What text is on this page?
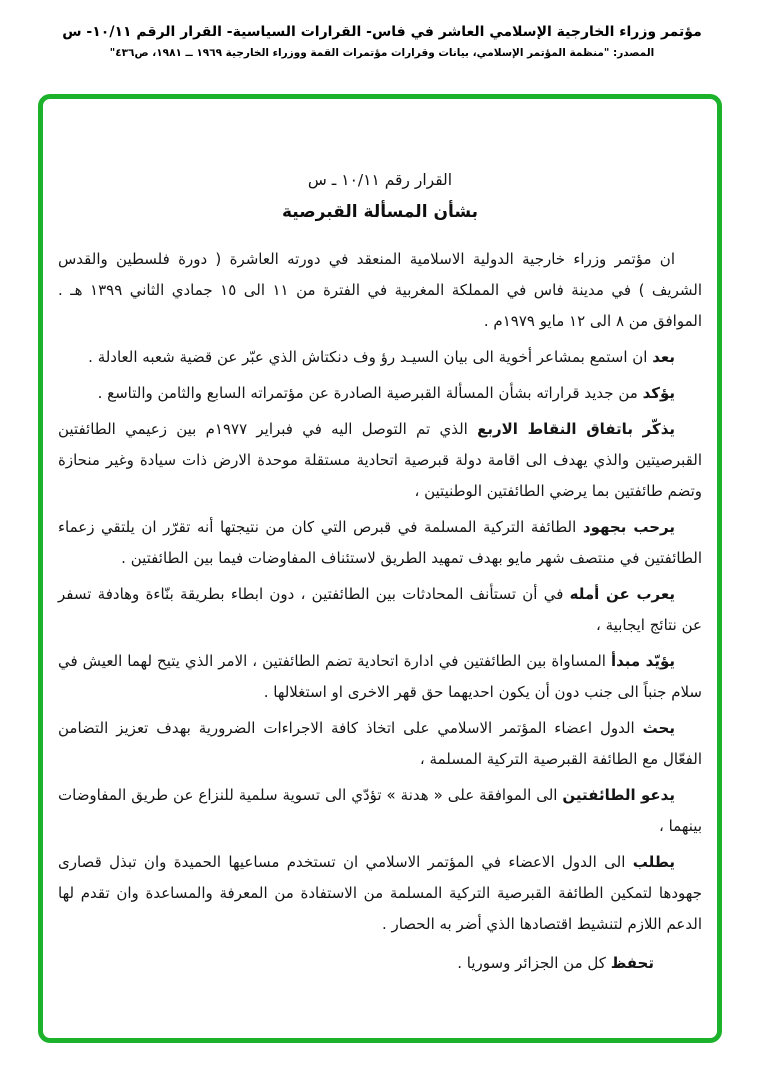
مؤتمر وزراء الخارجية الإسلامي العاشر في فاس- القرارات السياسية- القرار الرقم ١٠/١١- س
المصدر: "منظمة المؤتمر الإسلامي، بيانات وقرارات مؤتمرات القمة ووزراء الخارجية ١٩٦٩ ــ ١٩٨١، ص٤٣٦"
القرار رقم ١٠/١١ ـ س
بشأن المسألة القبرصية

ان مؤتمر وزراء خارجية الدولية الاسلامية المنعقد في دورته العاشرة ( دورة فلسطين والقدس الشريف ) في مدينة فاس في المملكة المغربية في الفترة من ١١ الى ١٥ جمادي الثاني ١٣٩٩ هـ . الموافق من ٨ الى ١٢ مايو ١٩٧٩م .

بعد ان استمع بمشاعر أخوية الى بيان السيـد رؤ وف دنكتاش الذي عبّر عن قضية شعبه العادلة .

يؤكد من جديد قراراته بشأن المسألة القبرصية الصادرة عن مؤتمراته السابع والثامن والتاسع .

يذكّر باتفاق النقاط الاربع الذي تم التوصل اليه في فبراير ١٩٧٧م بين زعيمي الطائفتين القبرصيتين والذي يهدف الى اقامة دولة قبرصية اتحادية مستقلة موحدة الارض ذات سيادة وغير منحازة وتضم طائفتين بما يرضي الطائفتين الوطنيتين ،

يرحب بجهود الطائفة التركية المسلمة في قبرص التي كان من نتيجتها أنه تقرّر ان يلتقي زعماء الطائفتين في منتصف شهر مايو بهدف تمهيد الطريق لاستئناف المفاوضات فيما بين الطائفتين .

يعرب عن أمله في أن تستأنف المحادثات بين الطائفتين ، دون ابطاء بطريقة بنّاءة وهادفة تسفر عن نتائج ايجابية ،

يؤيّد مبدأ المساواة بين الطائفتين في ادارة اتحادية تضم الطائفتين ، الامر الذي يتيح لهما العيش في سلام جنباً الى جنب دون أن يكون احديهما حق قهر الاخرى او استغلالها .

يحث الدول اعضاء المؤتمر الاسلامي على اتخاذ كافة الاجراءات الضرورية بهدف تعزيز التضامن الفعّال مع الطائفة القبرصية التركية المسلمة ،

يدعو الطائفتين الى الموافقة على « هدنة » تؤدّي الى تسوية سلمية للنزاع عن طريق المفاوضات بينهما ،

يطلب الى الدول الاعضاء في المؤتمر الاسلامي ان تستخدم مساعيها الحميدة وان تبذل قصارى جهودها لتمكين الطائفة القبرصية التركية المسلمة من الاستفادة من المعرفة والمساعدة وان تقدم لها الدعم اللازم لتنشيط اقتصادها الذي أضر به الحصار .

تحفظ كل من الجزائر وسوريا .
